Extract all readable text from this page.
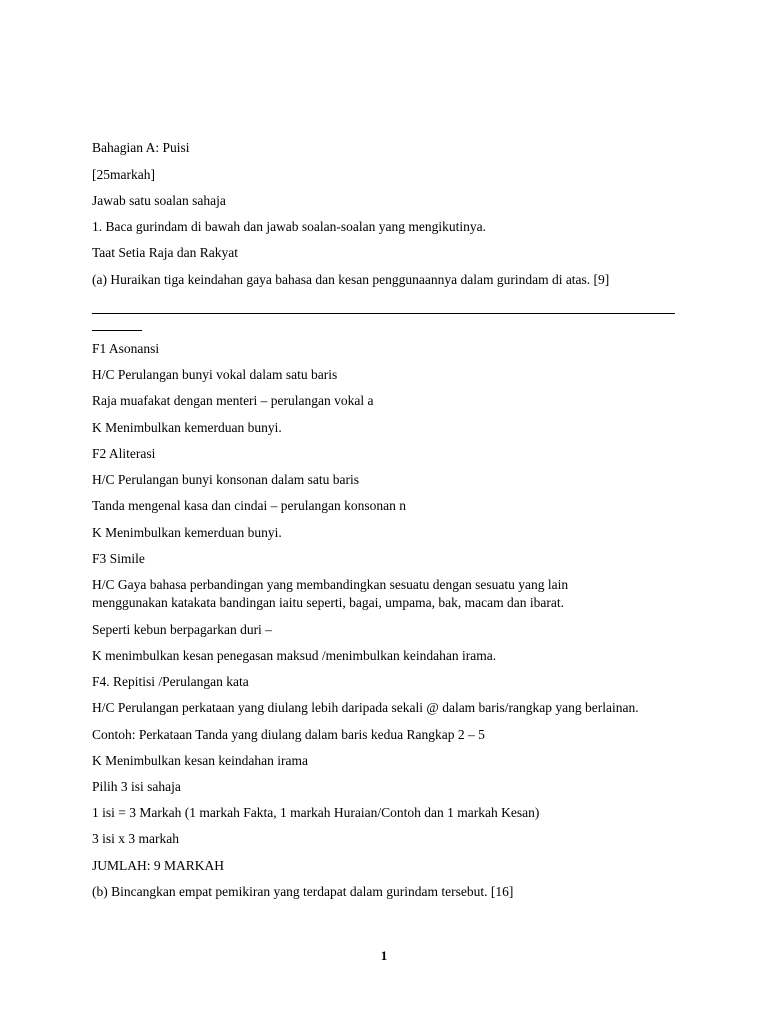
Bahagian A: Puisi

[25markah]

Jawab satu soalan sahaja

1. Baca gurindam di bawah dan jawab soalan-soalan yang mengikutinya.

Taat Setia Raja dan Rakyat

(a) Huraikan tiga keindahan gaya bahasa dan kesan penggunaannya dalam gurindam di atas. [9]

F1 Asonansi

H/C Perulangan bunyi vokal dalam satu baris

Raja muafakat dengan menteri – perulangan vokal a

K Menimbulkan kemerduan bunyi.

F2 Aliterasi

H/C Perulangan bunyi konsonan dalam satu baris

Tanda mengenal kasa dan cindai – perulangan konsonan n

K Menimbulkan kemerduan bunyi.

F3 Simile

H/C Gaya bahasa perbandingan yang membandingkan sesuatu dengan sesuatu yang lain

menggunakan katakata bandingan iaitu seperti, bagai, umpama, bak, macam dan ibarat.

Seperti kebun berpagarkan duri –

K menimbulkan kesan penegasan maksud /menimbulkan keindahan irama.

F4. Repitisi /Perulangan kata

H/C Perulangan perkataan yang diulang lebih daripada sekali @ dalam baris/rangkap yang berlainan.

Contoh: Perkataan Tanda yang diulang dalam baris kedua Rangkap 2 – 5

K Menimbulkan kesan keindahan irama

Pilih 3 isi sahaja

1 isi = 3 Markah (1 markah Fakta, 1 markah Huraian/Contoh dan 1 markah Kesan)

3 isi x 3 markah

JUMLAH: 9 MARKAH

(b) Bincangkan empat pemikiran yang terdapat dalam gurindam tersebut. [16]

1
